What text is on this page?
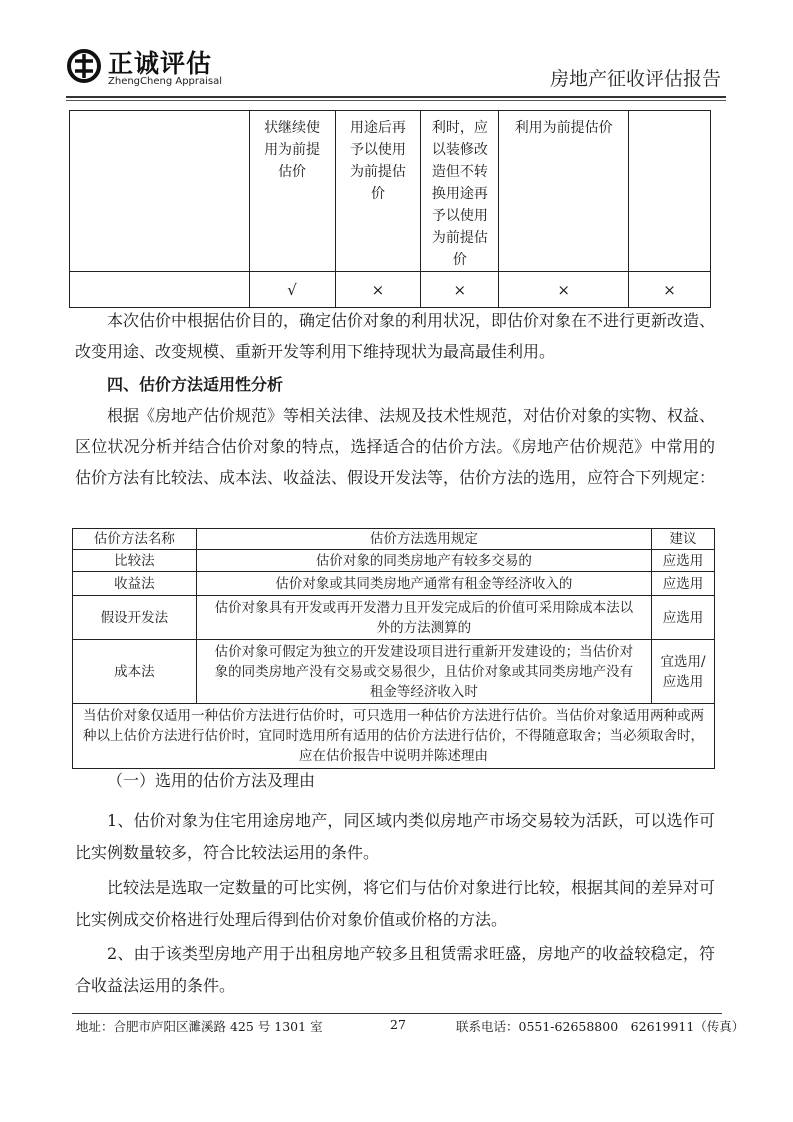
正诚评估
ZhengCheng Appraisal	房地产征收评估报告

	状继续使用为前提估价	用途后再予以使用为前提估价	利时，应以装修改造但不转换用途再予以使用为前提估价	利用为前提估价	

	√	×	×	×	×
本次估价中根据估价目的，确定估价对象的利用状况，即估价对象在不进行更新改造、改变用途、改变规模、重新开发等利用下维持现状为最高最佳利用。
四、估价方法适用性分析
根据《房地产估价规范》等相关法律、法规及技术性规范，对估价对象的实物、权益、区位状况分析并结合估价对象的特点，选择适合的估价方法。《房地产估价规范》中常用的估价方法有比较法、成本法、收益法、假设开发法等，估价方法的选用，应符合下列规定：
估价方法名称	估价方法选用规定	建议
比较法	估价对象的同类房地产有较多交易的	应选用
收益法	估价对象或其同类房地产通常有租金等经济收入的	应选用
假设开发法	估价对象具有开发或再开发潜力且开发完成后的价值可采用除成本法以外的方法测算的	应选用
成本法	估价对象可假定为独立的开发建设项目进行重新开发建设的；当估价对象的同类房地产没有交易或交易很少，且估价对象或其同类房地产没有租金等经济收入时	宜选用/应选用
当估价对象仅适用一种估价方法进行估价时，可只选用一种估价方法进行估价。当估价对象适用两种或两种以上估价方法进行估价时，宜同时选用所有适用的估价方法进行估价，不得随意取舍；当必须取舍时，应在估价报告中说明并陈述理由		
（一）选用的估价方法及理由
1、估价对象为住宅用途房地产，同区域内类似房地产市场交易较为活跃，可以选作可比实例数量较多，符合比较法运用的条件。
比较法是选取一定数量的可比实例，将它们与估价对象进行比较，根据其间的差异对可比实例成交价格进行处理后得到估价对象价值或价格的方法。
2、由于该类型房地产用于出租房地产较多且租赁需求旺盛，房地产的收益较稳定，符合收益法运用的条件。
地址：合肥市庐阳区濉溪路 425 号 1301 室	27	联系电话：0551-62658800　62619911（传真）
